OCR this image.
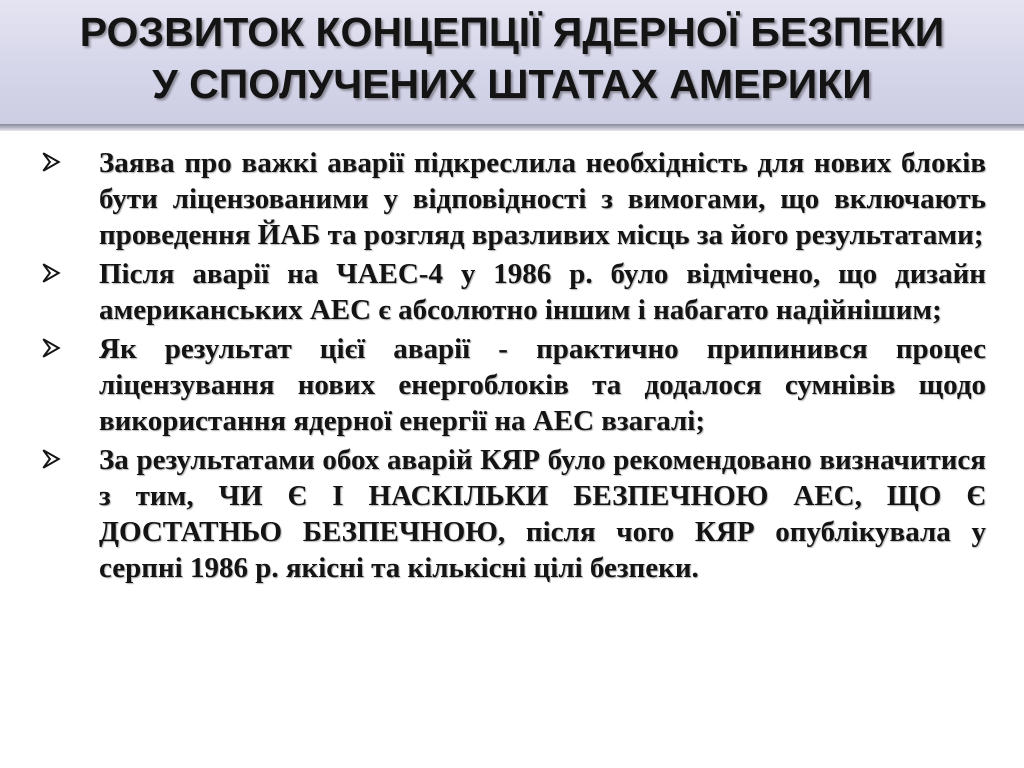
РОЗВИТОК КОНЦЕПЦІЇ ЯДЕРНОЇ БЕЗПЕКИ
У СПОЛУЧЕНИХ ШТАТАХ АМЕРИКИ
Заява про важкі аварії підкреслила необхідність для нових блоків бути ліцензованими у відповідності з вимогами, що включають проведення ЙАБ та розгляд вразливих місць за його результатами;
Після аварії на ЧАЕС-4 у 1986 р. було відмічено, що дизайн американських АЕС є абсолютно іншим і набагато надійнішим;
Як результат цієї аварії - практично припинився процес ліцензування нових енергоблоків та додалося сумнівів щодо використання ядерної енергії на АЕС взагалі;
За результатами обох аварій КЯР було рекомендовано визначитися з тим, ЧИ Є І НАСКІЛЬКИ БЕЗПЕЧНОЮ АЕС, ЩО Є ДОСТАТНЬО БЕЗПЕЧНОЮ, після чого КЯР опублікувала у серпні 1986 р. якісні та кількісні цілі безпеки.
